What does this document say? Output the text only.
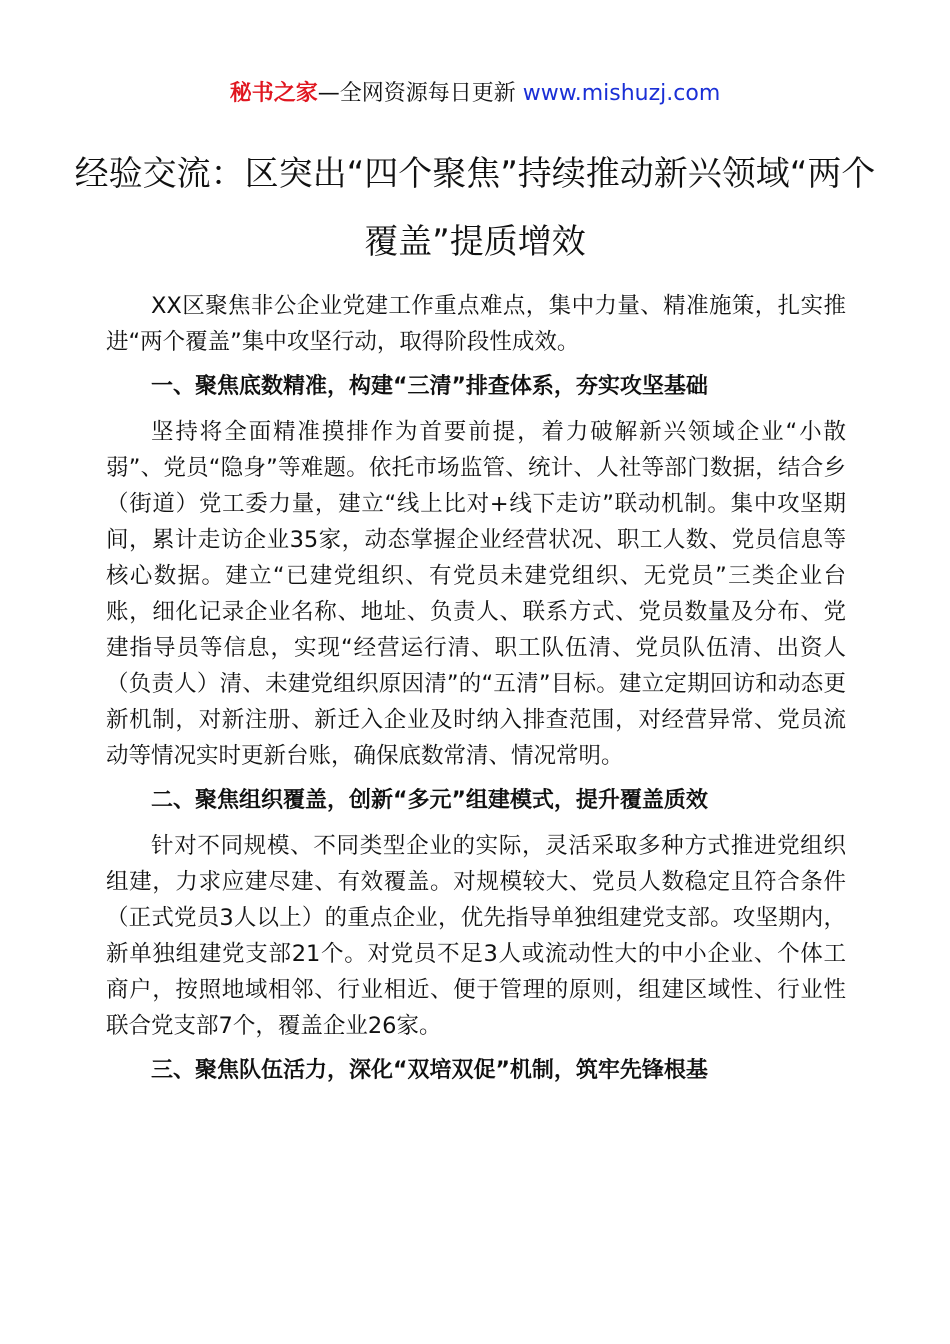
秘书之家—全网资源每日更新 www.mishuzj.com
经验交流：区突出“四个聚焦”持续推动新兴领域“两个覆盖”提质增效

XX区聚焦非公企业党建工作重点难点，集中力量、精准施策，扎实推进“两个覆盖”集中攻坚行动，取得阶段性成效。

一、聚焦底数精准，构建“三清”排查体系，夯实攻坚基础

坚持将全面精准摸排作为首要前提，着力破解新兴领域企业“小散弱”、党员“隐身”等难题。依托市场监管、统计、人社等部门数据，结合乡（街道）党工委力量，建立“线上比对+线下走访”联动机制。集中攻坚期间，累计走访企业35家，动态掌握企业经营状况、职工人数、党员信息等核心数据。建立“已建党组织、有党员未建党组织、无党员”三类企业台账，细化记录企业名称、地址、负责人、联系方式、党员数量及分布、党建指导员等信息，实现“经营运行清、职工队伍清、党员队伍清、出资人（负责人）清、未建党组织原因清”的“五清”目标。建立定期回访和动态更新机制，对新注册、新迁入企业及时纳入排查范围，对经营异常、党员流动等情况实时更新台账，确保底数常清、情况常明。

二、聚焦组织覆盖，创新“多元”组建模式，提升覆盖质效

针对不同规模、不同类型企业的实际，灵活采取多种方式推进党组织组建，力求应建尽建、有效覆盖。对规模较大、党员人数稳定且符合条件（正式党员3人以上）的重点企业，优先指导单独组建党支部。攻坚期内，新单独组建党支部21个。对党员不足3人或流动性大的中小企业、个体工商户，按照地域相邻、行业相近、便于管理的原则，组建区域性、行业性联合党支部7个，覆盖企业26家。

三、聚焦队伍活力，深化“双培双促”机制，筑牢先锋根基
